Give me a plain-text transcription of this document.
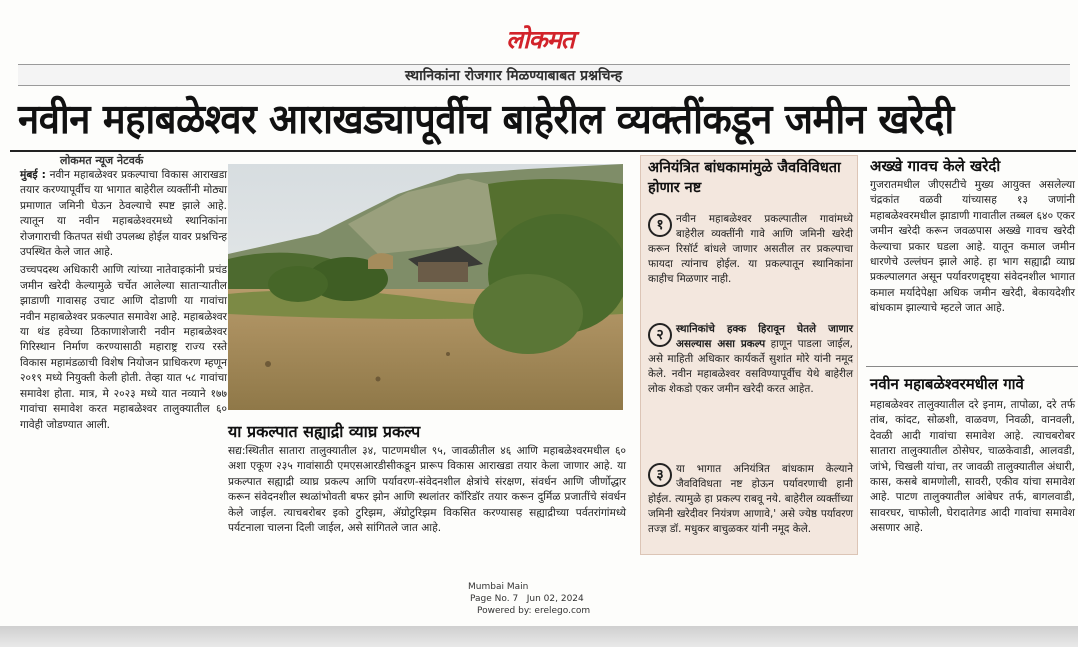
लोकमत
स्थानिकांना रोजगार मिळण्याबाबत प्रश्नचिन्ह
नवीन महाबळेश्वर आराखड्यापूर्वीच बाहेरील व्यक्तींकडून जमीन खरेदी
लोकमत न्यूज नेटवर्क

मुंबई : नवीन महाबळेश्वर प्रकल्पाचा विकास आराखडा तयार करण्यापूर्वीच या भागात बाहेरील व्यक्तींनी मोठ्या प्रमाणात जमिनी घेऊन ठेवल्याचे स्पष्ट झाले आहे. त्यातून या नवीन महाबळेश्वरमध्ये स्थानिकांना रोजगाराची कितपत संधी उपलब्ध होईल यावर प्रश्नचिन्ह उपस्थित केले जात आहे.

उच्चपदस्थ अधिकारी आणि त्यांच्या नातेवाइकांनी प्रचंड जमीन खरेदी केल्यामुळे चर्चेत आलेल्या साताऱ्यातील झाडाणी गावासह उचाट आणि दोडाणी या गावांचा नवीन महाबळेश्वर प्रकल्पात समावेश आहे. महाबळेश्वर या थंड हवेच्या ठिकाणाशेजारी नवीन महाबळेश्वर गिरिस्थान निर्माण करण्यासाठी महाराष्ट्र राज्य रस्ते विकास महामंडळाची विशेष नियोजन प्राधिकरण म्हणून २०१९ मध्ये नियुक्ती केली होती. तेव्हा यात ५८ गावांचा समावेश होता. मात्र, मे २०२३ मध्ये यात नव्याने १७७ गावांचा समावेश करत महाबळेश्वर तालुक्यातील ६० गावेही जोडण्यात आली.	या प्रकल्पात सह्याद्री व्याघ्र प्रकल्प
सद्य:स्थितीत सातारा तालुक्यातील ३४, पाटणमधील ९५, जावळीतील ४६ आणि महाबळेश्वरमधील ६० अशा एकूण २३५ गावांसाठी एमएसआरडीसीकडून प्रारूप विकास आराखडा तयार केला जाणार आहे. या प्रकल्पात सह्याद्री व्याघ्र प्रकल्प आणि पर्यावरण-संवेदनशील क्षेत्रांचे संरक्षण, संवर्धन आणि जीर्णोद्धार करून संवेदनशील स्थळांभोवती बफर झोन आणि स्थलांतर कॉरिडॉर तयार करून दुर्मिळ प्रजातींचे संवर्धन केले जाईल. त्याचबरोबर इको टुरिझम, ॲग्रोटुरिझम विकसित करण्यासह सह्याद्रीच्या पर्वतरांगांमध्ये पर्यटनाला चालना दिली जाईल, असे सांगितले जात आहे.
अनियंत्रित बांधकामांमुळे जैवविविधता होणार नष्ट
१	नवीन महाबळेश्वर प्रकल्पातील गावांमध्ये बाहेरील व्यक्तींनी गावे आणि जमिनी खरेदी करून रिसॉर्ट बांधले जाणार असतील तर प्रकल्पाचा फायदा त्यांनाच होईल. या प्रकल्पातून स्थानिकांना काहीच मिळणार नाही.
२	स्थानिकांचे हक्क हिरावून घेतले जाणार असल्यास असा प्रकल्प हाणून पाडला जाईल, असे माहिती अधिकार कार्यकर्ते सुशांत मोरे यांनी नमूद केले. नवीन महाबळेश्वर वसविण्यापूर्वीच येथे बाहेरील लोक शेकडो एकर जमीन खरेदी करत आहेत.
३	या भागात अनियंत्रित बांधकाम केल्याने जैवविविधता नष्ट होऊन पर्यावरणाची हानी होईल. त्यामुळे हा प्रकल्प राबवू नये. बाहेरील व्यक्तींच्या जमिनी खरेदीवर नियंत्रण आणावे,' असे ज्येष्ठ पर्यावरण तज्ज्ञ डॉ. मधुकर बाचुळकर यांनी नमूद केले.
अख्खे गावच केले खरेदी
गुजरातमधील जीएसटीचे मुख्य आयुक्त असलेल्या चंद्रकांत वळवी यांच्यासह १३ जणांनी महाबळेश्वरमधील झाडाणी गावातील तब्बल ६४० एकर जमीन खरेदी करून जवळपास अख्खे गावच खरेदी केल्याचा प्रकार घडला आहे. यातून कमाल जमीन धारणेचे उल्लंघन झाले आहे. हा भाग सह्याद्री व्याघ्र प्रकल्पालगत असून पर्यावरणदृष्ट्या संवेदनशील भागात कमाल मर्यादेपेक्षा अधिक जमीन खरेदी, बेकायदेशीर बांधकाम झाल्याचे म्हटले जात आहे.
नवीन महाबळेश्वरमधील गावे
महाबळेश्वर तालुक्यातील दरे इनाम, तापोळा, दरे तर्फ तांब, कांदट, सोळशी, वाळवण, निवळी, वानवली, देवळी आदी गावांचा समावेश आहे. त्याचबरोबर सातारा तालुक्यातील ठोसेघर, चाळकेवाडी, आलवडी, जांभे, चिखली यांचा, तर जावळी तालुक्यातील अंधारी, कास, कसबे बामणोली, सावरी, एकीव यांचा समावेश आहे. पाटण तालुक्यातील आंबेघर तर्फ, बागलवाडी, सावरघर, चाफोली, घेरादातेगड आदी गावांचा समावेश असणार आहे.
Mumbai Main
Page No. 7   Jun 02, 2024
Powered by: erelego.com
